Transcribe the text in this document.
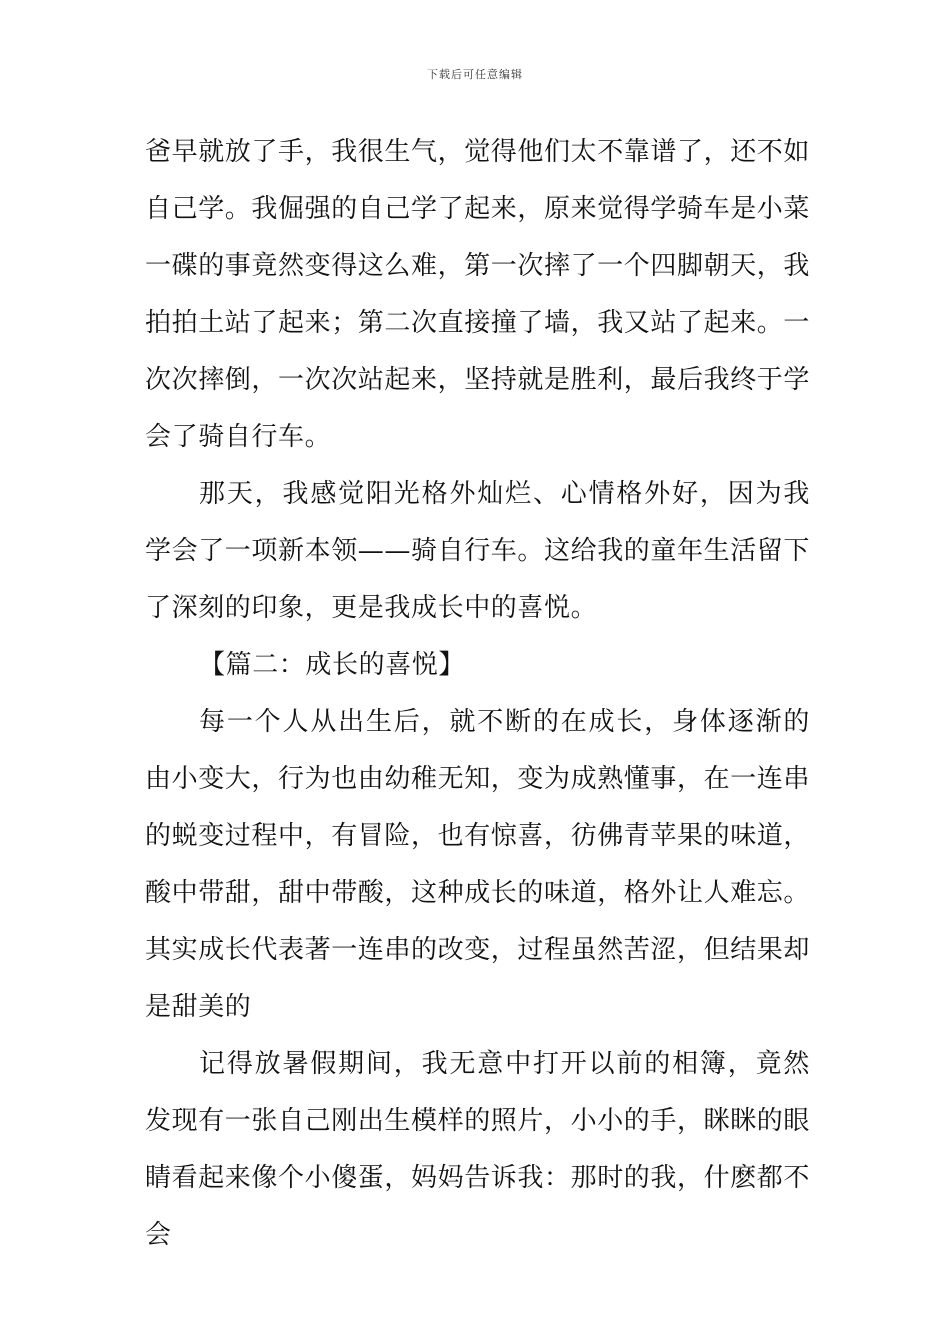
下载后可任意编辑

爸早就放了手，我很生气，觉得他们太不靠谱了，还不如自己学。我倔强的自己学了起来，原来觉得学骑车是小菜一碟的事竟然变得这么难，第一次摔了一个四脚朝天，我拍拍土站了起来；第二次直接撞了墙，我又站了起来。一次次摔倒，一次次站起来，坚持就是胜利，最后我终于学会了骑自行车。

那天，我感觉阳光格外灿烂、心情格外好，因为我学会了一项新本领——骑自行车。这给我的童年生活留下了深刻的印象，更是我成长中的喜悦。

【篇二：成长的喜悦】

每一个人从出生后，就不断的在成长，身体逐渐的由小变大，行为也由幼稚无知，变为成熟懂事，在一连串的蜕变过程中，有冒险，也有惊喜，彷佛青苹果的味道，酸中带甜，甜中带酸，这种成长的味道，格外让人难忘。其实成长代表著一连串的改变，过程虽然苦涩，但结果却是甜美的

记得放暑假期间，我无意中打开以前的相簿，竟然发现有一张自己刚出生模样的照片，小小的手，眯眯的眼睛看起来像个小傻蛋，妈妈告诉我：那时的我，什麽都不会
